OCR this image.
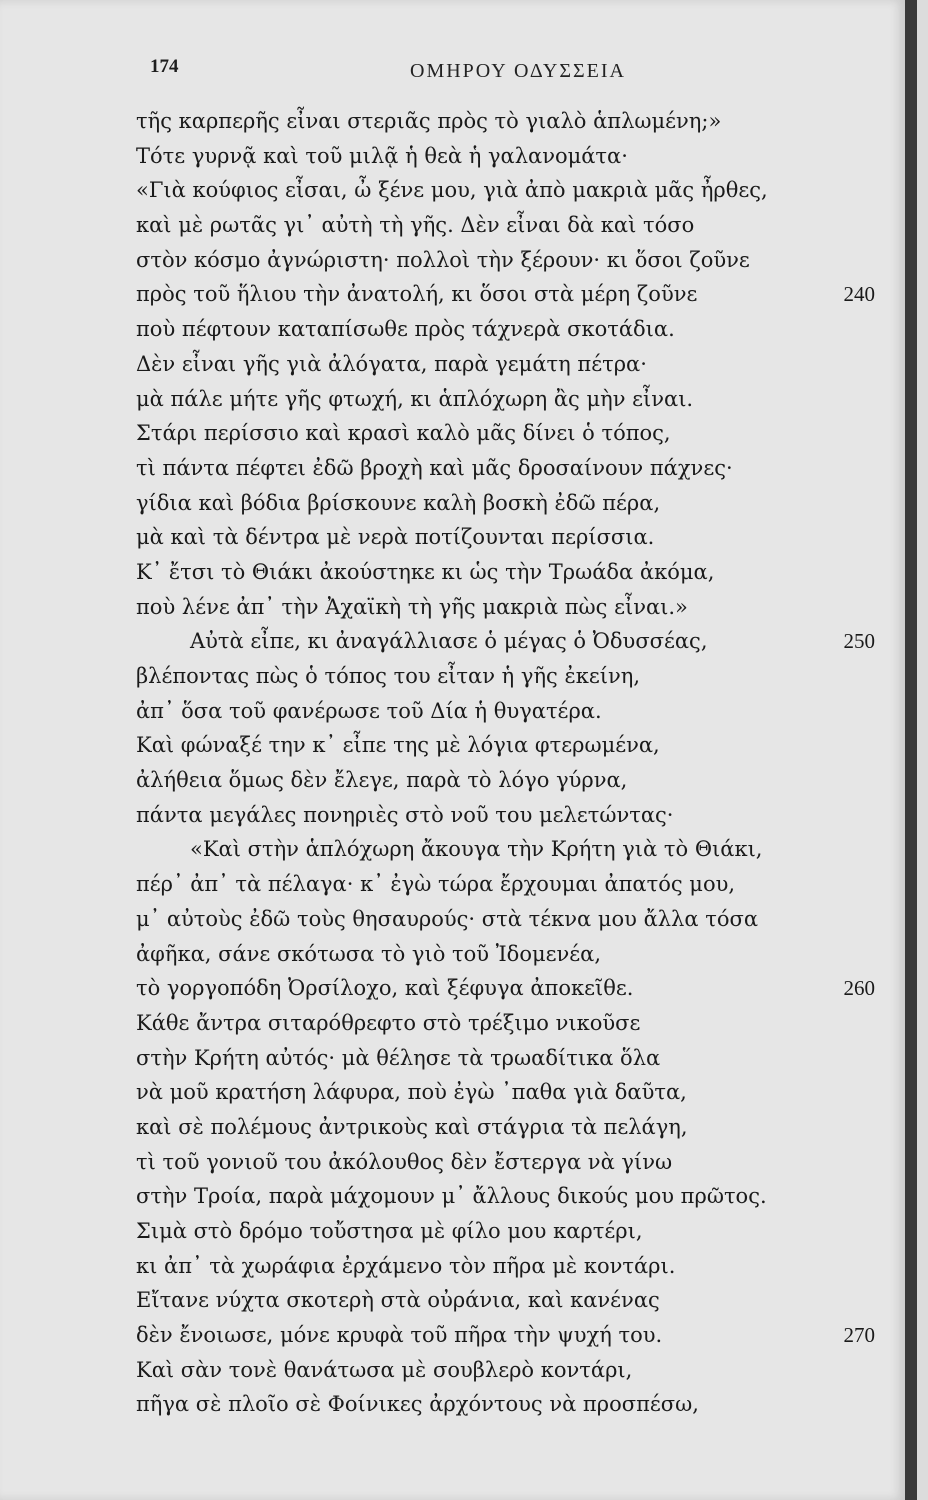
174	ΟΜΗΡΟΥ ΟΔΥΣΣΕΙΑ
τῆς καρπερῆς εἶναι στεριᾶς πρὸς τὸ γιαλὸ ἁπλωμένη;»
Τότε γυρνᾷ καὶ τοῦ μιλᾷ ἡ θεὰ ἡ γαλανομάτα·
«Γιὰ κούφιος εἶσαι, ὦ ξένε μου, γιὰ ἀπὸ μακριὰ μᾶς ἦρθες,
καὶ μὲ ρωτᾶς γι᾽ αὐτὴ τὴ γῆς. Δὲν εἶναι δὰ καὶ τόσο
στὸν κόσμο ἀγνώριστη· πολλοὶ τὴν ξέρουν· κι ὅσοι ζοῦνε
πρὸς τοῦ ἥλιου τὴν ἀνατολή, κι ὅσοι στὰ μέρη ζοῦνε	240
ποὺ πέφτουν καταπίσωθε πρὸς τάχνερὰ σκοτάδια.
Δὲν εἶναι γῆς γιὰ ἀλόγατα, παρὰ γεμάτη πέτρα·
μὰ πάλε μήτε γῆς φτωχή, κι ἁπλόχωρη ἂς μὴν εἶναι.
Στάρι περίσσιο καὶ κρασὶ καλὸ μᾶς δίνει ὁ τόπος,
τὶ πάντα πέφτει ἐδῶ βροχὴ καὶ μᾶς δροσαίνουν πάχνες·
γίδια καὶ βόδια βρίσκουνε καλὴ βοσκὴ ἐδῶ πέρα,
μὰ καὶ τὰ δέντρα μὲ νερὰ ποτίζουνται περίσσια.
Κ᾽ ἔτσι τὸ Θιάκι ἀκούστηκε κι ὡς τὴν Τρωάδα ἀκόμα,
ποὺ λένε ἀπ᾽ τὴν Ἀχαϊκὴ τὴ γῆς μακριὰ πὼς εἶναι.»
Αὐτὰ εἶπε, κι ἀναγάλλιασε ὁ μέγας ὁ Ὀδυσσέας,	250
βλέποντας πὼς ὁ τόπος του εἶταν ἡ γῆς ἐκείνη,
ἀπ᾽ ὅσα τοῦ φανέρωσε τοῦ Δία ἡ θυγατέρα.
Καὶ φώναξέ την κ᾽ εἶπε της μὲ λόγια φτερωμένα,
ἀλήθεια ὅμως δὲν ἔλεγε, παρὰ τὸ λόγο γύρνα,
πάντα μεγάλες πονηριὲς στὸ νοῦ του μελετώντας·
«Καὶ στὴν ἁπλόχωρη ἄκουγα τὴν Κρήτη γιὰ τὸ Θιάκι,
πέρ᾽ ἀπ᾽ τὰ πέλαγα· κ᾽ ἐγὼ τώρα ἔρχουμαι ἀπατός μου,
μ᾽ αὐτοὺς ἐδῶ τοὺς θησαυρούς· στὰ τέκνα μου ἄλλα τόσα
ἀφῆκα, σάνε σκότωσα τὸ γιὸ τοῦ Ἰδομενέα,
τὸ γοργοπόδη Ὀρσίλοχο, καὶ ξέφυγα ἀποκεῖθε.	260
Κάθε ἄντρα σιταρόθρεφτο στὸ τρέξιμο νικοῦσε
στὴν Κρήτη αὐτός· μὰ θέλησε τὰ τρωαδίτικα ὅλα
νὰ μοῦ κρατήση λάφυρα, ποὺ ἐγὼ ᾽παθα γιὰ δαῦτα,
καὶ σὲ πολέμους ἀντρικοὺς καὶ στάγρια τὰ πελάγη,
τὶ τοῦ γονιοῦ του ἀκόλουθος δὲν ἔστεργα νὰ γίνω
στὴν Τροία, παρὰ μάχομουν μ᾽ ἄλλους δικούς μου πρῶτος.
Σιμὰ στὸ δρόμο τοὔστησα μὲ φίλο μου καρτέρι,
κι ἀπ᾽ τὰ χωράφια ἐρχάμενο τὸν πῆρα μὲ κοντάρι.
Εἴτανε νύχτα σκοτερὴ στὰ οὐράνια, καὶ κανένας
δὲν ἔνοιωσε, μόνε κρυφὰ τοῦ πῆρα τὴν ψυχή του.	270
Καὶ σὰν τονὲ θανάτωσα μὲ σουβλερὸ κοντάρι,
πῆγα σὲ πλοῖο σὲ Φοίνικες ἀρχόντους νὰ προσπέσω,
